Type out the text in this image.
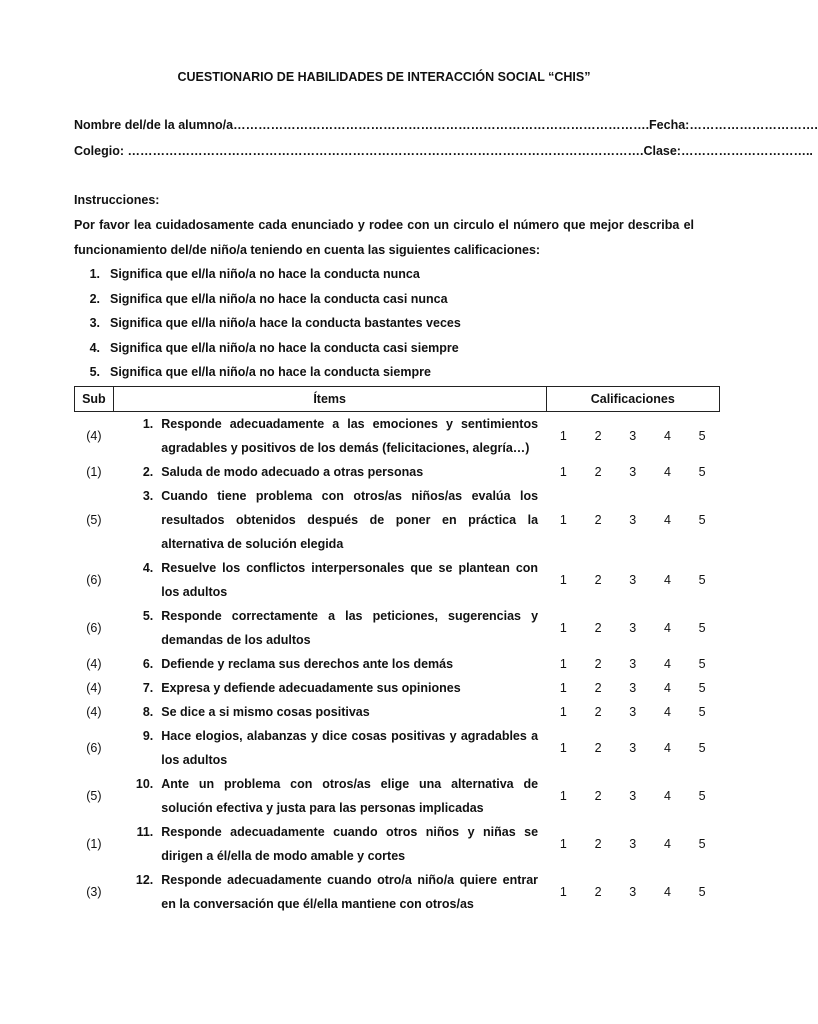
CUESTIONARIO DE HABILIDADES DE INTERACCIÓN SOCIAL “CHIS”
Nombre del/de la alumno/a……………………………………………………………………………………….Fecha:………………………….
Colegio: …………………………………………………………………………………………………………….Clase:…………………………..
Instrucciones:
Por favor lea cuidadosamente cada enunciado y rodee con un circulo el número que mejor describa el funcionamiento del/de niño/a teniendo en cuenta las siguientes calificaciones:
1. Significa que el/la niño/a no hace la conducta nunca
2. Significa que el/la niño/a no hace la conducta casi nunca
3. Significa que el/la niño/a hace la conducta bastantes veces
4. Significa que el/la niño/a no hace la conducta casi siempre
5. Significa que el/la niño/a no hace la conducta siempre
Sub	Ítems	Calificaciones				
(4)	1. Responde adecuadamente a las emociones y sentimientos agradables y positivos de los demás (felicitaciones, alegría…)	1	2	3	4	5
(1)	2. Saluda de modo adecuado a otras personas	1	2	3	4	5
(5)	3. Cuando tiene problema con otros/as niños/as evalúa los resultados obtenidos después de poner en práctica la alternativa de solución elegida	1	2	3	4	5
(6)	4. Resuelve los conflictos interpersonales que se plantean con los adultos	1	2	3	4	5
(6)	5. Responde correctamente a las peticiones, sugerencias y demandas de los adultos	1	2	3	4	5
(4)	6. Defiende y reclama sus derechos ante los demás	1	2	3	4	5
(4)	7. Expresa y defiende adecuadamente sus opiniones	1	2	3	4	5
(4)	8. Se dice a si mismo cosas positivas	1	2	3	4	5
(6)	9. Hace elogios, alabanzas y dice cosas positivas y agradables a los adultos	1	2	3	4	5
(5)	10. Ante un problema con otros/as elige una alternativa de solución efectiva y justa para las personas implicadas	1	2	3	4	5
(1)	11. Responde adecuadamente cuando otros niños y niñas se dirigen a él/ella de modo amable y cortes	1	2	3	4	5
(3)	12. Responde adecuadamente cuando otro/a niño/a quiere entrar en la conversación que él/ella mantiene con otros/as	1	2	3	4	5
